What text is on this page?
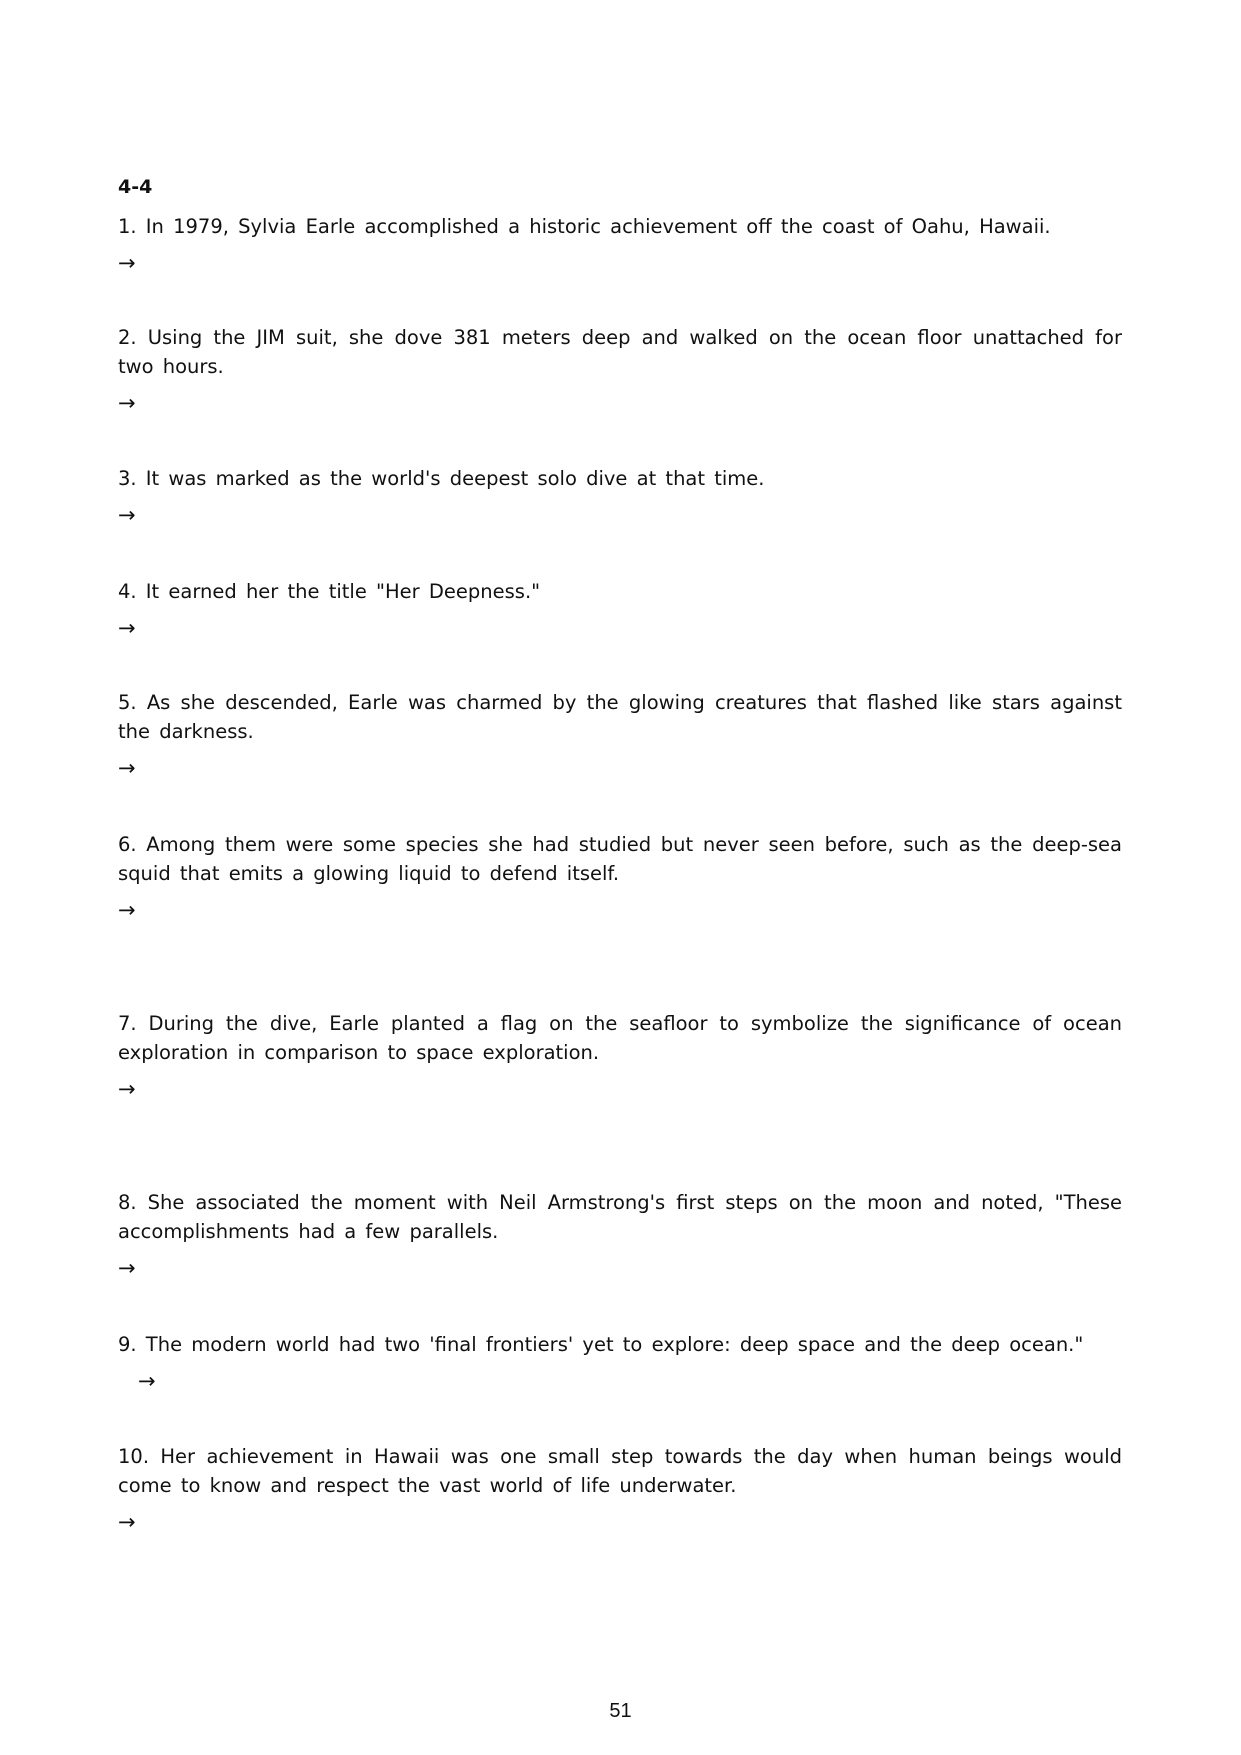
4-4

1. In 1979, Sylvia Earle accomplished a historic achievement off the coast of Oahu, Hawaii.

→

2. Using the JIM suit, she dove 381 meters deep and walked on the ocean floor unattached for two hours.

→

3. It was marked as the world's deepest solo dive at that time.

→

4. It earned her the title "Her Deepness."

→

5. As she descended, Earle was charmed by the glowing creatures that flashed like stars against the darkness.

→

6. Among them were some species she had studied but never seen before, such as the deep-sea squid that emits a glowing liquid to defend itself.

→

7. During the dive, Earle planted a flag on the seafloor to symbolize the significance of ocean exploration in comparison to space exploration.

→

8. She associated the moment with Neil Armstrong's first steps on the moon and noted, "These accomplishments had a few parallels.

→

9. The modern world had two 'final frontiers' yet to explore: deep space and the deep ocean."

→

10. Her achievement in Hawaii was one small step towards the day when human beings would come to know and respect the vast world of life underwater.

→

51
